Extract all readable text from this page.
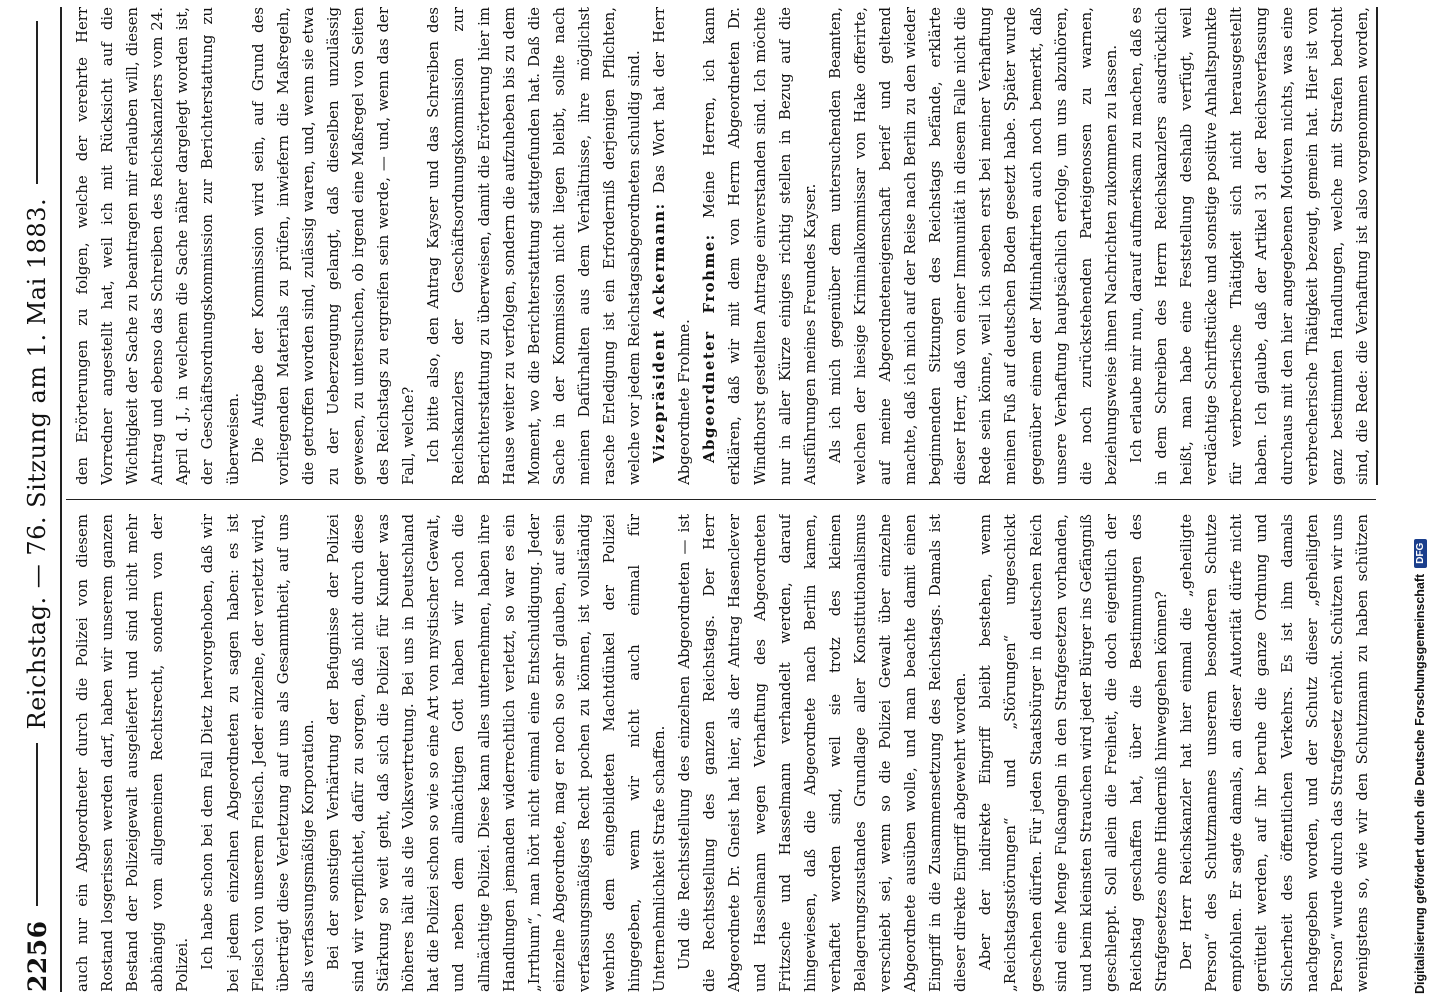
2256
Reichstag. — 76. Sitzung am 1. Mai 1883.

auch nur ein Abgeordneter durch die Polizei von diesem Rostand losgerissen werden darf, haben wir unserem ganzen Bestand der Polizeigewalt ausgeliefert und sind nicht mehr abhängig vom allgemeinen Rechtsrecht, sondern von der Polizei. Ich habe schon bei dem Fall Dietz hervorgehoben, daß wir bei jedem einzelnen Abgeordneten zu sagen haben: es ist Fleisch von unserem Fleisch. Jeder einzelne, der verletzt wird, überträgt diese Verletzung auf uns als Gesammtheit, auf uns als verfassungsmäßige Korporation. Bei der sonstigen Verhärtung der Befugnisse der Polizei sind wir verpflichtet, dafür zu sorgen, daß nicht durch diese Stärkung so weit geht, daß sich die Polizei für Kunder was höheres hält als die Volksvertretung. Bei uns in Deutschland hat die Polizei schon so wie so eine Art von mystischer Gewalt, und neben dem allmächtigen Gott haben wir noch die allmächtige Polizei. Diese kann alles unternehmen, haben ihre Handlungen jemanden widerrechtlich verletzt, so war es ein „Irrthum“, man hört nicht einmal eine Entschuldigung. Jeder einzelne Abgeordnete, mag er noch so sehr glauben, auf sein verfassungsmäßiges Recht pochen zu können, ist vollständig wehrlos dem eingebildeten Machtdünkel der Polizei hingegeben, wenn wir nicht auch einmal für Unternehmlichkeit Strafe schaffen. Und die Rechtsstellung des einzelnen Abgeordneten — ist die Rechtsstellung des ganzen Reichstags. Der Herr Abgeordnete Dr. Gneist hat hier, als der Antrag Hasenclever und Hasselmann wegen Verhaftung des Abgeordneten Fritzsche und Hasselmann verhandelt werden, darauf hingewiesen, daß die Abgeordnete nach Berlin kamen, verhaftet worden sind, weil sie trotz des kleinen Belagerungszustandes Grundlage aller Konstitutionalismus verschiebt sei, wenn so die Polizei Gewalt über einzelne Abgeordnete ausüben wolle, und man beachte damit einen Eingriff in die Zusammensetzung des Reichstags. Damals ist dieser direkte Eingriff abgewehrt worden. Aber der indirekte Eingriff bleibt bestehen, wenn „Reichstagsstörungen“ und „Störungen“ ungeschickt geschehen dürfen. Für jeden Staatsbürger in deutschen Reich sind eine Menge Fußangeln in den Strafgesetzen vorhanden, und beim kleinsten Strauchen wird jeder Bürger ins Gefängniß geschleppt. Soll allein die Freiheit, die doch eigentlich der Reichstag geschaffen hat, über die Bestimmungen des Strafgesetzes ohne Hinderniß hinweggehen können? Der Herr Reichskanzler hat hier einmal die „geheiligte Person“ des Schutzmannes unserem besonderen Schutze empfohlen. Er sagte damals, an dieser Autorität dürfe nicht gerüttelt werden, auf ihr beruhe die ganze Ordnung und Sicherheit des öffentlichen Verkehrs. Es ist ihm damals nachgegeben worden, und der Schutz dieser „geheiligten Person“ wurde durch das Strafgesetz erhöht. Schützen wir uns wenigstens so, wie wir den Schutzmann zu haben schützen

den Erörterungen zu folgen, welche der verehrte Herr Vorredner angestellt hat, weil ich mit Rücksicht auf die Wichtigkeit der Sache zu beantragen mir erlauben will, diesen Antrag und ebenso das Schreiben des Reichskanzlers vom 24. April d. J., in welchem die Sache näher dargelegt worden ist, der Geschäftsordnungskommission zur Berichterstattung zu überweisen. Die Aufgabe der Kommission wird sein, auf Grund des vorliegenden Materials zu prüfen, inwiefern die Maßregeln, die getroffen worden sind, zulässig waren, und, wenn sie etwa zu der Ueberzeugung gelangt, daß dieselben unzulässig gewesen, zu untersuchen, ob irgend eine Maßregel von Seiten des Reichstags zu ergreifen sein werde, — und, wenn das der Fall, welche? Ich bitte also, den Antrag Kayser und das Schreiben des Reichskanzlers der Geschäftsordnungskommission zur Berichterstattung zu überweisen, damit die Erörterung hier im Hause weiter zu verfolgen, sondern die aufzuheben bis zu dem Moment, wo die Berichterstattung stattgefunden hat. Daß die Sache in der Kommission nicht liegen bleibt, sollte nach meinen Dafürhalten aus dem Verhältnisse, ihre möglichst rasche Erledigung ist ein Erforderniß derjenigen Pflichten, welche vor jedem Reichstagsabgeordneten schuldig sind. Vizepräsident Ackermann: Das Wort hat der Herr Abgeordnete Frohme. Abgeordneter Frohme: Meine Herren, ich kann erklären, daß wir mit dem von Herrn Abgeordneten Dr. Windthorst gestellten Antrage einverstanden sind. Ich möchte nur in aller Kürze einiges richtig stellen in Bezug auf die Ausführungen meines Freundes Kayser. Als ich mich gegenüber dem untersuchenden Beamten, welchen der hiesige Kriminalkommissar von Hake offerirte, auf meine Abgeordneteneigenschaft berief und geltend machte, daß ich mich auf der Reise nach Berlin zu den wieder beginnenden Sitzungen des Reichstags befände, erklärte dieser Herr, daß von einer Immunität in diesem Falle nicht die Rede sein könne, weil ich soeben erst bei meiner Verhaftung meinen Fuß auf deutschen Boden gesetzt habe. Später wurde gegenüber einem der Mitinhaftirten auch noch bemerkt, daß unsere Verhaftung hauptsächlich erfolge, um uns abzuhören, die noch zurückstehenden Parteigenossen zu warnen, beziehungsweise ihnen Nachrichten zukommen zu lassen. Ich erlaube mir nun, darauf aufmerksam zu machen, daß es in dem Schreiben des Herrn Reichskanzlers ausdrücklich heißt, man habe eine Feststellung deshalb verfügt, weil verdächtige Schriftstücke und sonstige positive Anhaltspunkte für verbrecherische Thätigkeit sich nicht herausgestellt haben. Ich glaube, daß der Artikel 31 der Reichsverfassung durchaus mit den hier angegebenen Motiven nichts, was eine verbrecherische Thätigkeit bezeugt, gemein hat. Hier ist von ganz bestimmten Handlungen, welche mit Strafen bedroht sind, die Rede: die Verhaftung ist also vorgenommen worden,

Digitalisierung gefördert durch die Deutsche Forschungsgemeinschaft
DFG
